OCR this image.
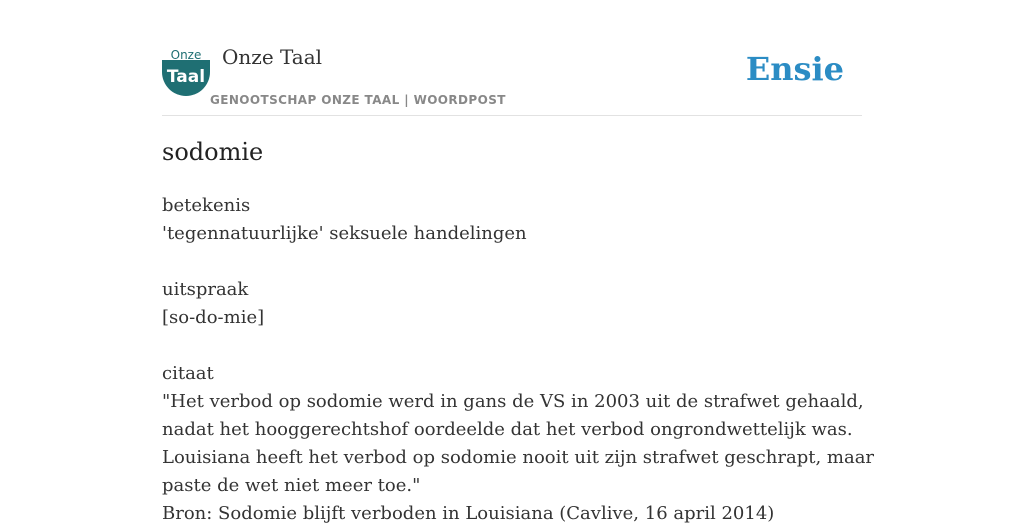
Onze
Taal
Onze Taal
GENOOTSCHAP ONZE TAAL | WOORDPOST
Ensie
sodomie
betekenis
'tegennatuurlijke' seksuele handelingen
uitspraak
[so-do-mie]
citaat
"Het verbod op sodomie werd in gans de VS in 2003 uit de strafwet gehaald,
nadat het hooggerechtshof oordeelde dat het verbod ongrondwettelijk was.
Louisiana heeft het verbod op sodomie nooit uit zijn strafwet geschrapt, maar
paste de wet niet meer toe."
Bron: Sodomie blijft verboden in Louisiana (Cavlive, 16 april 2014)
